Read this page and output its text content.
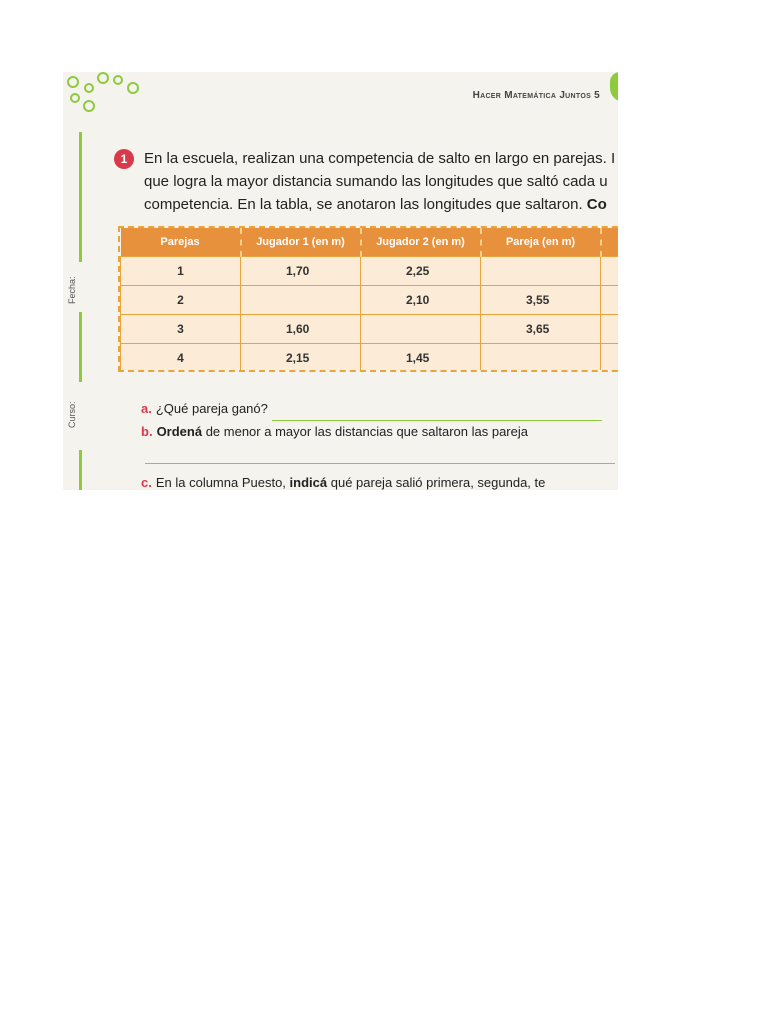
Hacer Matemática Juntos 5
Fecha:
Curso:
1	En la escuela, realizan una competencia de salto en largo en parejas. I
que logra la mayor distancia sumando las longitudes que saltó cada u
competencia. En la tabla, se anotaron las longitudes que saltaron. Co
Parejas	Jugador 1 (en m)	Jugador 2 (en m)	Pareja (en m)	
1	1,70	2,25		
2		2,10	3,55	
3	1,60		3,65	
4	2,15	1,45		
a. ¿Qué pareja ganó?
b. Ordená de menor a mayor las distancias que saltaron las pareja
c. En la columna Puesto, indicá qué pareja salió primera, segunda, te
